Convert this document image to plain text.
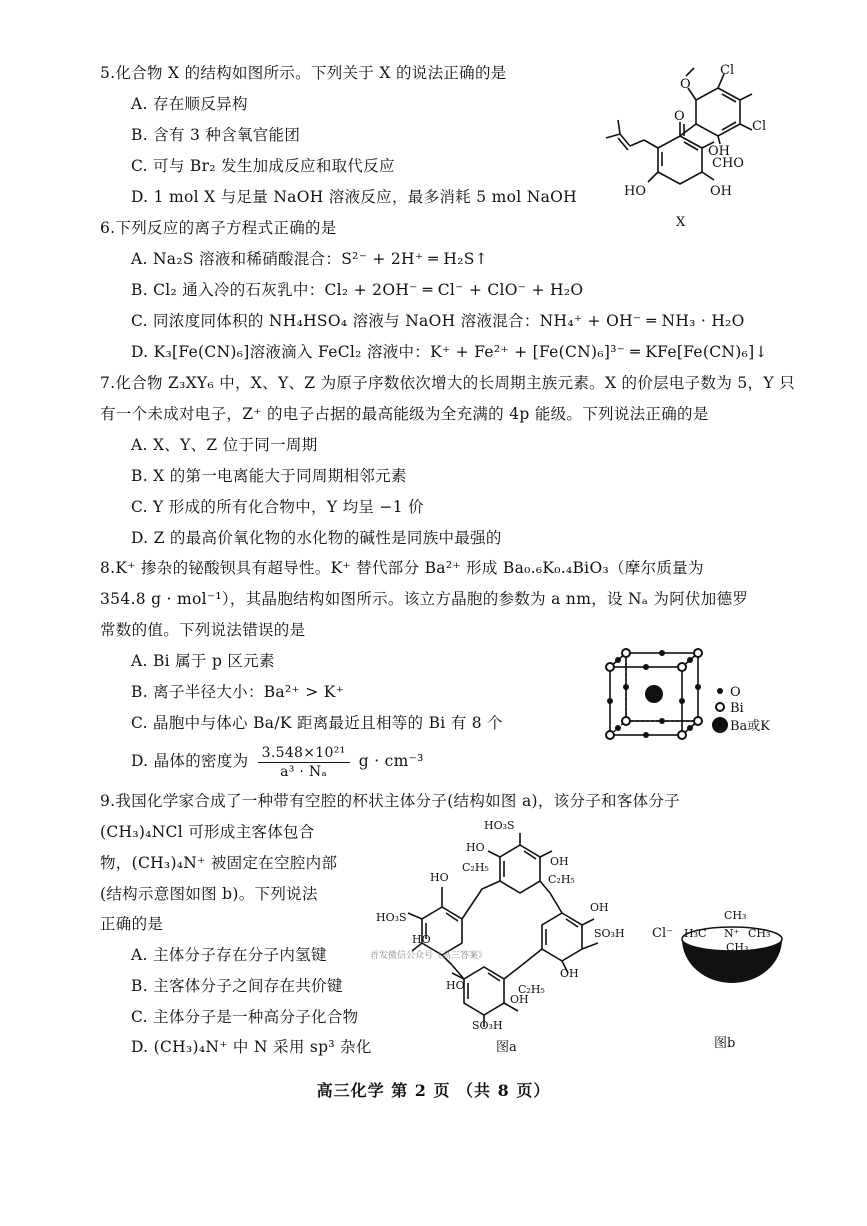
5.化合物 X 的结构如图所示。下列关于 X 的说法正确的是
A. 存在顺反异构
B. 含有 3 种含氧官能团
C. 可与 Br₂ 发生加成反应和取代反应
D. 1 mol X 与足量 NaOH 溶液反应，最多消耗 5 mol NaOH
Cl
Cl
O
OH
O
CHO
OH
HO
X
6.下列反应的离子方程式正确的是
A. Na₂S 溶液和稀硝酸混合：S²⁻ + 2H⁺ ═ H₂S↑
B. Cl₂ 通入冷的石灰乳中：Cl₂ + 2OH⁻ ═ Cl⁻ + ClO⁻ + H₂O
C. 同浓度同体积的 NH₄HSO₄ 溶液与 NaOH 溶液混合：NH₄⁺ + OH⁻ ═ NH₃ · H₂O
D. K₃[Fe(CN)₆]溶液滴入 FeCl₂ 溶液中：K⁺ + Fe²⁺ + [Fe(CN)₆]³⁻ ═ KFe[Fe(CN)₆]↓
7.化合物 Z₃XY₆ 中，X、Y、Z 为原子序数依次增大的长周期主族元素。X 的价层电子数为 5，Y 只
有一个未成对电子，Z⁺ 的电子占据的最高能级为全充满的 4p 能级。下列说法正确的是
A. X、Y、Z 位于同一周期
B. X 的第一电离能大于同周期相邻元素
C. Y 形成的所有化合物中，Y 均呈 −1 价
D. Z 的最高价氧化物的水化物的碱性是同族中最强的
8.K⁺ 掺杂的铋酸钡具有超导性。K⁺ 替代部分 Ba²⁺ 形成 Ba₀.₆K₀.₄BiO₃（摩尔质量为
354.8 g · mol⁻¹），其晶胞结构如图所示。该立方晶胞的参数为 a nm，设 Nₐ 为阿伏加德罗
常数的值。下列说法错误的是
A. Bi 属于 p 区元素
B. 离子半径大小：Ba²⁺ > K⁺
C. 晶胞中与体心 Ba/K 距离最近且相等的 Bi 有 8 个
D. 晶体的密度为 $\frac{\text{3.548×10²¹}}{\text{a³ · Nₐ}}$ g · cm⁻³
O
Bi
Ba或K
9.我国化学家合成了一种带有空腔的杯状主体分子(结构如图 a)，该分子和客体分子
(CH₃)₄NCl 可形成主客体包合
物，(CH₃)₄N⁺ 被固定在空腔内部
(结构示意图如图 b)。下列说法
正确的是
A. 主体分子存在分子内氢键
B. 主客体分子之间存在共价键
C. 主体分子是一种高分子化合物
D. (CH₃)₄N⁺ 中 N 采用 sp³ 杂化
HO₃S
HO
OH
HO
HO₃S
HO
OH
SO₃H
OH
HO
OH
SO₃H
C₂H₅
C₂H₅
C₂H₅
图a
首发微信公众号《高三答案》
Cl⁻
CH₃
H₃C N⁺ CH₃
CH₃
图b
高三化学 第 2 页 （共 8 页）
